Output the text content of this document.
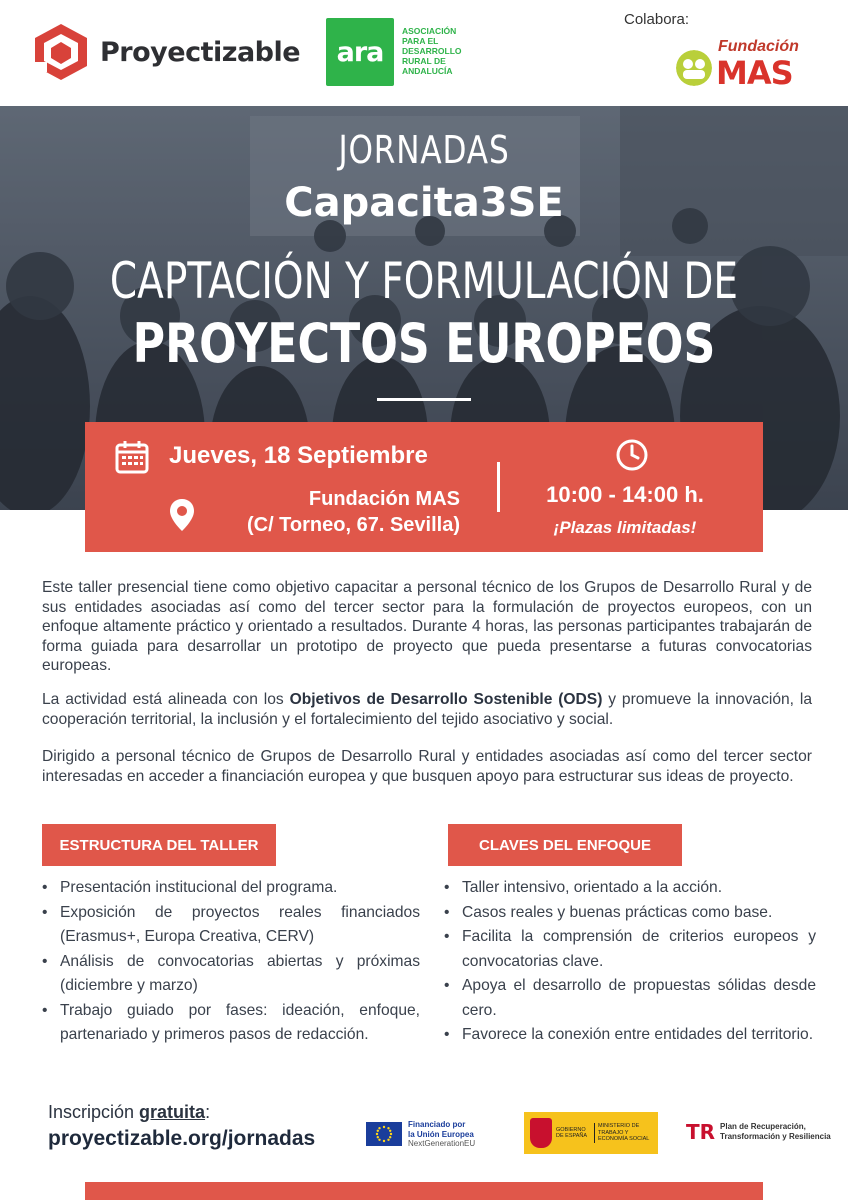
Proyectizable	ara
ASOCIACIÓN PARA EL DESARROLLO RURAL DE ANDALUCÍA
Colabora:
Fundación
MAS
JORNADAS
Capacita3SE
CAPTACIÓN Y FORMULACIÓN DE
PROYECTOS EUROPEOS
Jueves, 18 Septiembre
Fundación MAS
(C/ Torneo, 67. Sevilla)
10:00 - 14:00 h.
¡Plazas limitadas!

Este taller presencial tiene como objetivo capacitar a personal técnico de los Grupos de Desarrollo Rural y de sus entidades asociadas así como del tercer sector para la formulación de proyectos europeos, con un enfoque altamente práctico y orientado a resultados. Durante 4 horas, las personas participantes trabajarán de forma guiada para desarrollar un prototipo de proyecto que pueda presentarse a futuras convocatorias europeas.

La actividad está alineada con los Objetivos de Desarrollo Sostenible (ODS) y promueve la innovación, la cooperación territorial, la inclusión y el fortalecimiento del tejido asociativo y social.

Dirigido a personal técnico de Grupos de Desarrollo Rural y entidades asociadas así como del tercer sector interesadas en acceder a financiación europea y que busquen apoyo para estructurar sus ideas de proyecto.

ESTRUCTURA DEL TALLER	CLAVES DEL ENFOQUE
• Presentación institucional del programa.
• Exposición de proyectos reales financiados (Erasmus+, Europa Creativa, CERV)
• Análisis de convocatorias abiertas y próximas (diciembre y marzo)
• Trabajo guiado por fases: ideación, enfoque, partenariado y primeros pasos de redacción.
• Taller intensivo, orientado a la acción.
• Casos reales y buenas prácticas como base.
• Facilita la comprensión de criterios europeos y convocatorias clave.
• Apoya el desarrollo de propuestas sólidas desde cero.
• Favorece la conexión entre entidades del territorio.
Inscripción gratuita:
proyectizable.org/jornadas
Financiado por
la Unión Europea
NextGenerationEU
GOBIERNO DE ESPAÑA
MINISTERIO DE TRABAJO Y ECONOMÍA SOCIAL TR Plan de Recuperación,
Transformación y Resiliencia
